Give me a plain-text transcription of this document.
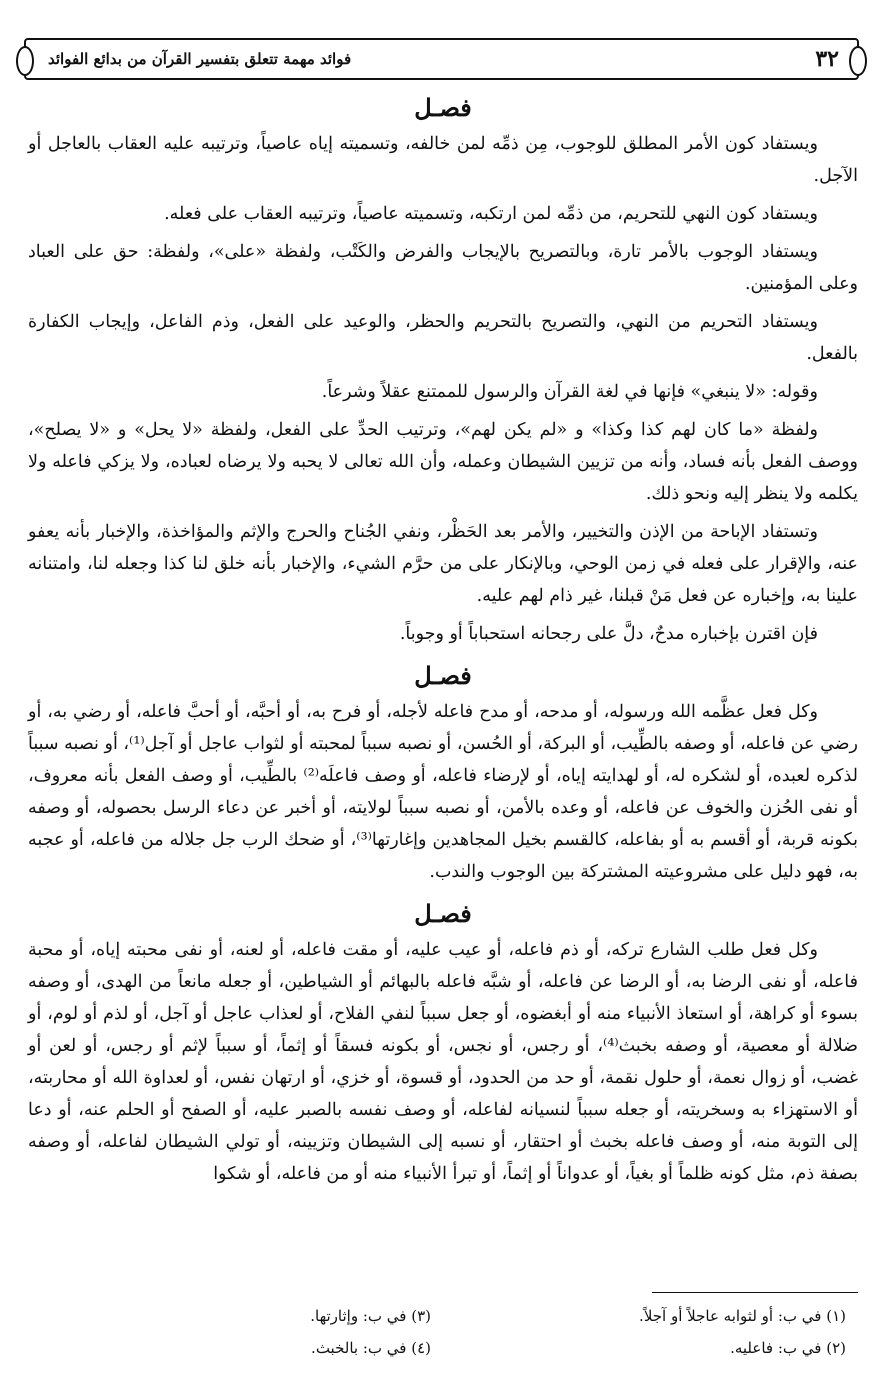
٣٢
فوائد مهمة تتعلق بتفسير القرآن من بدائع الفوائد
فصـل

ويستفاد كون الأمر المطلق للوجوب، مِن ذمِّه لمن خالفه، وتسميته إياه عاصياً، وترتيبه عليه العقاب بالعاجل أو الآجل.

ويستفاد كون النهي للتحريم، من ذمِّه لمن ارتكبه، وتسميته عاصياً، وترتيبه العقاب على فعله.

ويستفاد الوجوب بالأمر تارة، وبالتصريح بالإيجاب والفرض والكَتْب، ولفظة «على»، ولفظة: حق على العباد وعلى المؤمنين.

ويستفاد التحريم من النهي، والتصريح بالتحريم والحظر، والوعيد على الفعل، وذم الفاعل، وإيجاب الكفارة بالفعل.

وقوله: «لا ينبغي» فإنها في لغة القرآن والرسول للممتنع عقلاً وشرعاً.

ولفظة «ما كان لهم كذا وكذا» و «لم يكن لهم»، وترتيب الحدِّ على الفعل، ولفظة «لا يحل» و «لا يصلح»، ووصف الفعل بأنه فساد، وأنه من تزيين الشيطان وعمله، وأن الله تعالى لا يحبه ولا يرضاه لعباده، ولا يزكي فاعله ولا يكلمه ولا ينظر إليه ونحو ذلك.

وتستفاد الإباحة من الإذن والتخيير، والأمر بعد الحَظْر، ونفي الجُناح والحرج والإثم والمؤاخذة، والإخبار بأنه يعفو عنه، والإقرار على فعله في زمن الوحي، وبالإنكار على من حرَّم الشيء، والإخبار بأنه خلق لنا كذا وجعله لنا، وامتنانه علينا به، وإخباره عن فعل مَنْ قبلنا، غير ذام لهم عليه.

فإن اقترن بإخباره مدحٌ، دلَّ على رجحانه استحباباً أو وجوباً.

فصـل

وكل فعل عظَّمه الله ورسوله، أو مدحه، أو مدح فاعله لأجله، أو فرح به، أو أحبَّه، أو أحبَّ فاعله، أو رضي به، أو رضي عن فاعله، أو وصفه بالطِّيب، أو البركة، أو الحُسن، أو نصبه سبباً لمحبته أو لثواب عاجل أو آجل⁽¹⁾، أو نصبه سبباً لذكره لعبده، أو لشكره له، أو لهدايته إياه، أو لإرضاء فاعله، أو وصف فاعلَه⁽²⁾ بالطِّيب، أو وصف الفعل بأنه معروف، أو نفى الحُزن والخوف عن فاعله، أو وعده بالأمن، أو نصبه سبباً لولايته، أو أخبر عن دعاء الرسل بحصوله، أو وصفه بكونه قربة، أو أقسم به أو بفاعله، كالقسم بخيل المجاهدين وإغارتها⁽³⁾، أو ضحك الرب جل جلاله من فاعله، أو عجبه به، فهو دليل على مشروعيته المشتركة بين الوجوب والندب.

فصـل

وكل فعل طلب الشارع تركه، أو ذم فاعله، أو عيب عليه، أو مقت فاعله، أو لعنه، أو نفى محبته إياه، أو محبة فاعله، أو نفى الرضا به، أو الرضا عن فاعله، أو شبَّه فاعله بالبهائم أو الشياطين، أو جعله مانعاً من الهدى، أو وصفه بسوء أو كراهة، أو استعاذ الأنبياء منه أو أبغضوه، أو جعل سبباً لنفي الفلاح، أو لعذاب عاجل أو آجل، أو لذم أو لوم، أو ضلالة أو معصية، أو وصفه بخبث⁽⁴⁾، أو رجس، أو نجس، أو بكونه فسقاً أو إثماً، أو سبباً لإثم أو رجس، أو لعن أو غضب، أو زوال نعمة، أو حلول نقمة، أو حد من الحدود، أو قسوة، أو خزي، أو ارتهان نفس، أو لعداوة الله أو محاربته، أو الاستهزاء به وسخريته، أو جعله سبباً لنسيانه لفاعله، أو وصف نفسه بالصبر عليه، أو الصفح أو الحلم عنه، أو دعا إلى التوبة منه، أو وصف فاعله بخبث أو احتقار، أو نسبه إلى الشيطان وتزيينه، أو تولي الشيطان لفاعله، أو وصفه بصفة ذم، مثل كونه ظلماً أو بغياً، أو عدواناً أو إثماً، أو تبرأ الأنبياء منه أو من فاعله، أو شكوا

(١) في ب: أو لثوابه عاجلاً أو آجلاً.
(٣) في ب: وإثارتها.
(٢) في ب: فاعليه.
(٤) في ب: بالخبث.
